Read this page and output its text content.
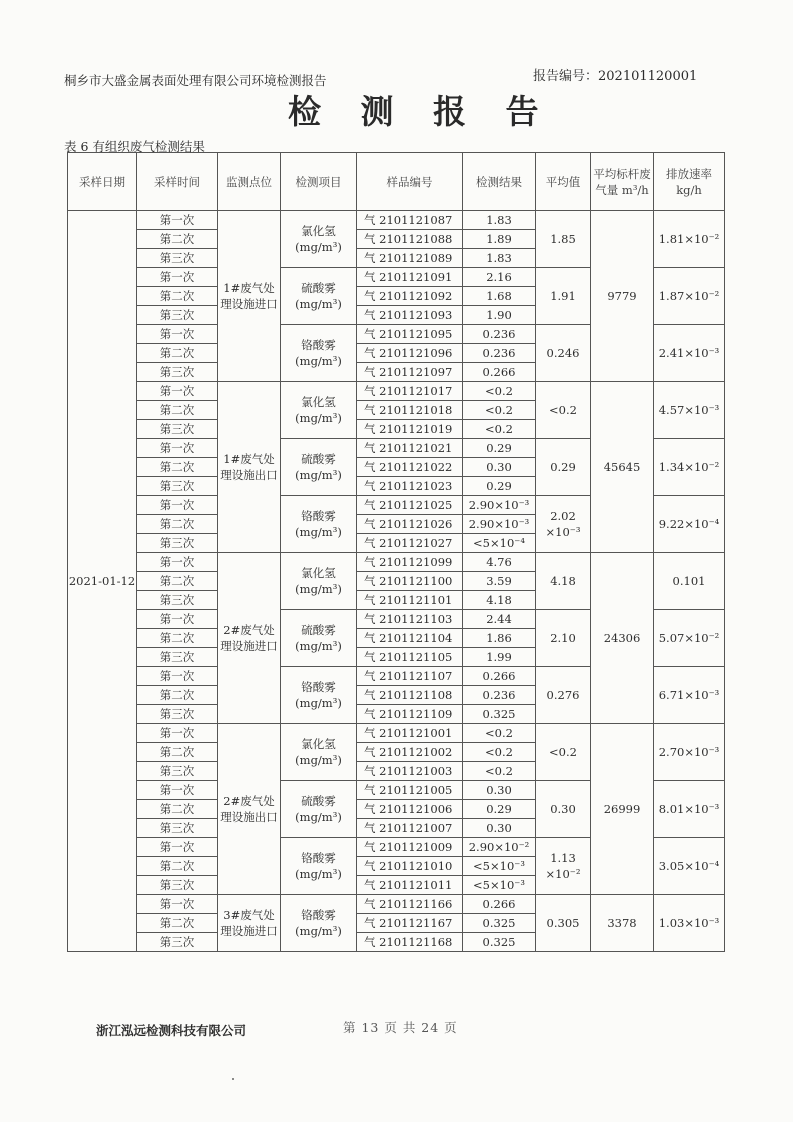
桐乡市大盛金属表面处理有限公司环境检测报告	报告编号：202101120001
检 测 报 告
表 6 有组织废气检测结果
采样日期	采样时间	监测点位	检测项目	样品编号	检测结果	平均值	平均标杆废气量 m³/h	排放速率 kg/h
2021-01-12	第一次	1#废气处理设施进口	氯化氢 (mg/m³)	气 2101121087	1.83	1.85	9779	1.81×10⁻²
	第二次			气 2101121088	1.89			
	第三次			气 2101121089	1.83			
	第一次		硫酸雾 (mg/m³)	气 2101121091	2.16	1.91		1.87×10⁻²
	第二次			气 2101121092	1.68			
	第三次			气 2101121093	1.90			
	第一次		铬酸雾 (mg/m³)	气 2101121095	0.236	0.246		2.41×10⁻³
	第二次			气 2101121096	0.236			
	第三次			气 2101121097	0.266			
	第一次	1#废气处理设施出口	氯化氢 (mg/m³)	气 2101121017	<0.2	<0.2	45645	4.57×10⁻³
	第二次			气 2101121018	<0.2			
	第三次			气 2101121019	<0.2			
	第一次		硫酸雾 (mg/m³)	气 2101121021	0.29	0.29		1.34×10⁻²
	第二次			气 2101121022	0.30			
	第三次			气 2101121023	0.29			
	第一次		铬酸雾 (mg/m³)	气 2101121025	2.90×10⁻³	2.02 ×10⁻³		9.22×10⁻⁴
	第二次			气 2101121026	2.90×10⁻³			
	第三次			气 2101121027	<5×10⁻⁴			
	第一次	2#废气处理设施进口	氯化氢 (mg/m³)	气 2101121099	4.76	4.18	24306	0.101
	第二次			气 2101121100	3.59			
	第三次			气 2101121101	4.18			
	第一次		硫酸雾 (mg/m³)	气 2101121103	2.44	2.10		5.07×10⁻²
	第二次			气 2101121104	1.86			
	第三次			气 2101121105	1.99			
	第一次		铬酸雾 (mg/m³)	气 2101121107	0.266	0.276		6.71×10⁻³
	第二次			气 2101121108	0.236			
	第三次			气 2101121109	0.325			
	第一次	2#废气处理设施出口	氯化氢 (mg/m³)	气 2101121001	<0.2	<0.2	26999	2.70×10⁻³
	第二次			气 2101121002	<0.2			
	第三次			气 2101121003	<0.2			
	第一次		硫酸雾 (mg/m³)	气 2101121005	0.30	0.30		8.01×10⁻³
	第二次			气 2101121006	0.29			
	第三次			气 2101121007	0.30			
	第一次		铬酸雾 (mg/m³)	气 2101121009	2.90×10⁻²	1.13 ×10⁻²		3.05×10⁻⁴
	第二次			气 2101121010	<5×10⁻³			
	第三次			气 2101121011	<5×10⁻³			
	第一次	3#废气处理设施进口	铬酸雾 (mg/m³)	气 2101121166	0.266	0.305	3378	1.03×10⁻³
	第二次			气 2101121167	0.325			
	第三次			气 2101121168	0.325			
浙江泓远检测科技有限公司	第 13 页 共 24 页
